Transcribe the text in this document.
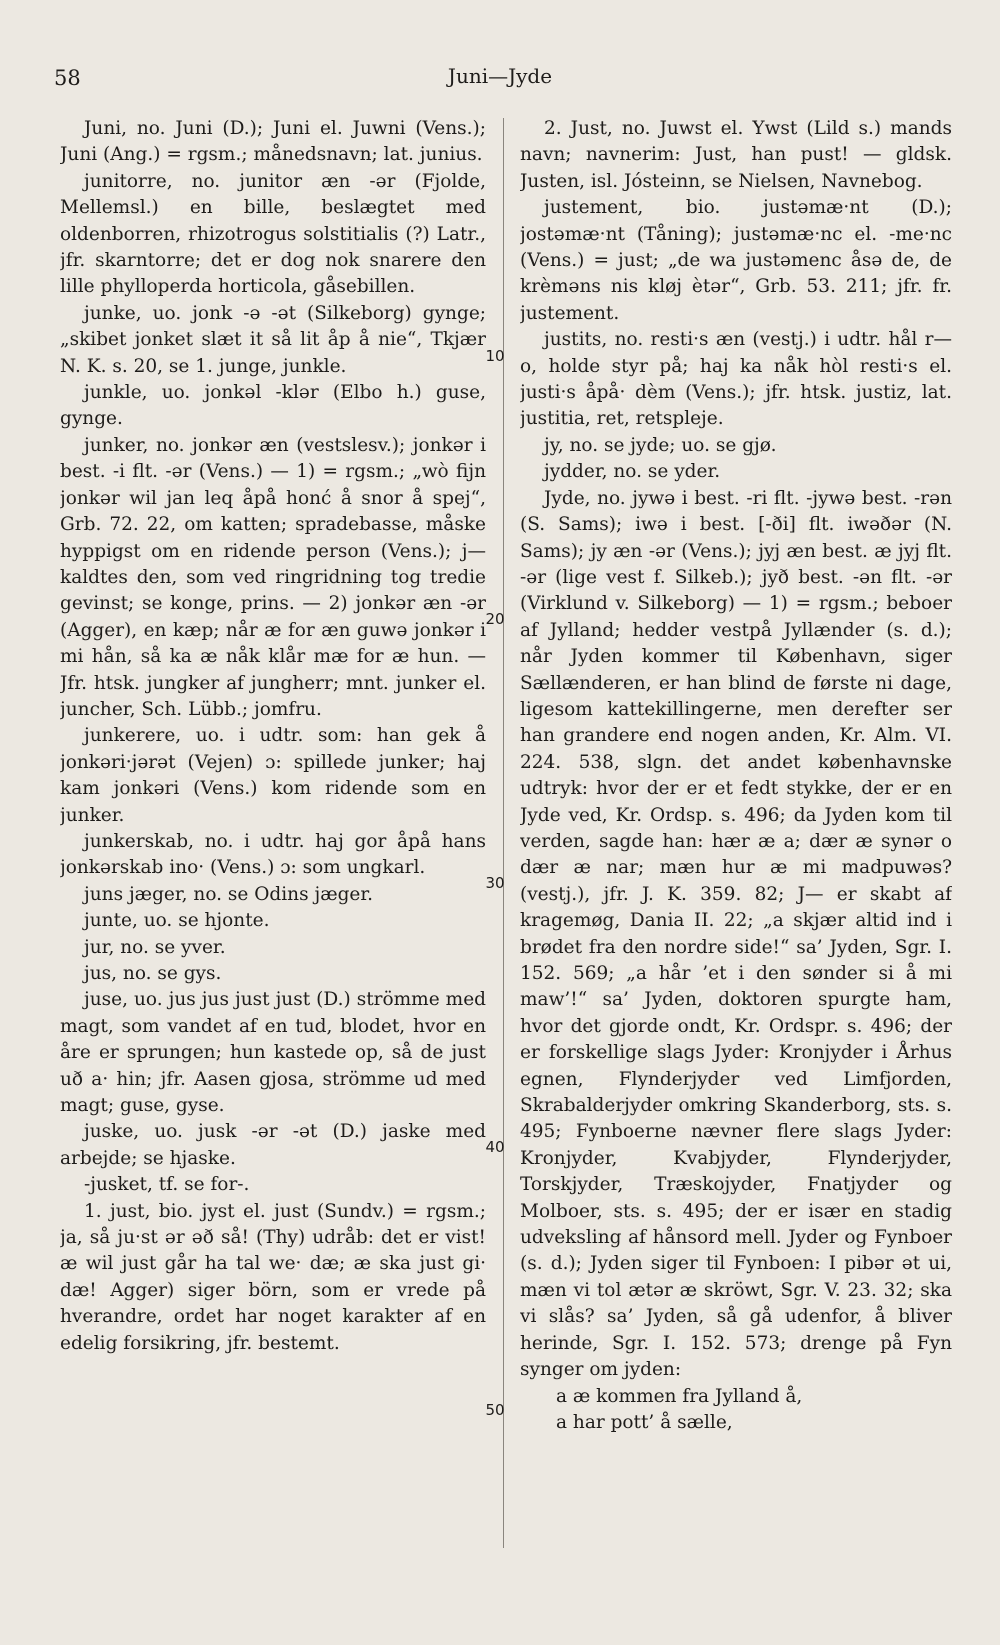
58	Juni—Jyde

Juni, no. Juni (D.); Juni el. Juwni (Vens.); Juni (Ang.) = rgsm.; månedsnavn; lat. junius.

junitorre, no. junitor æn -ər (Fjolde, Mellemsl.) en bille, beslægtet med oldenborren, rhizotrogus solstitialis (?) Latr., jfr. skarntorre; det er dog nok snarere den lille phylloperda horticola, gåsebillen.

junke, uo. jonk -ə -ət (Silkeborg) gynge; „skibet jonket slæt it så lit åp å nie“, Tkjær N. K. s. 20, se 1. junge, junkle.

junkle, uo. jonkəl -klər (Elbo h.) guse, gynge.

junker, no. jonkər æn (vestslesv.); jonkər i best. -i flt. -ər (Vens.) — 1) = rgsm.; „wò fijn jonkər wil jan leq åpå honć å snor å spej“, Grb. 72. 22, om katten; spradebasse, måske hyppigst om en ridende person (Vens.); j— kaldtes den, som ved ringridning tog tredie gevinst; se konge, prins. — 2) jonkər æn -ər (Agger), en kæp; når æ for æn guwə jonkər i mi hån, så ka æ nåk klår mæ for æ hun. — Jfr. htsk. jungker af jungherr; mnt. junker el. juncher, Sch. Lübb.; jomfru.

junkerere, uo. i udtr. som: han gek å jonkəri·jərət (Vejen) ɔ: spillede junker; haj kam jonkəri (Vens.) kom ridende som en junker.

junkerskab, no. i udtr. haj gor åpå hans jonkərskab ino· (Vens.) ɔ: som ungkarl.

juns jæger, no. se Odins jæger.

junte, uo. se hjonte.

jur, no. se yver.

jus, no. se gys.

juse, uo. jus jus just just (D.) strömme med magt, som vandet af en tud, blodet, hvor en åre er sprungen; hun kastede op, så de just uð a· hin; jfr. Aasen gjosa, strömme ud med magt; guse, gyse.

juske, uo. jusk -ər -ət (D.) jaske med arbejde; se hjaske.

-jusket, tf. se for-.

1. just, bio. jyst el. just (Sundv.) = rgsm.; ja, så ju·st ər əð så! (Thy) udråb: det er vist! æ wil just går ha tal we· dæ; æ ska just gi· dæ! Agger) siger börn, som er vrede på hverandre, ordet har noget karakter af en edelig forsikring, jfr. bestemt.

2. Just, no. Juwst el. Ywst (Lild s.) mands navn; navnerim: Just, han pust! — gldsk. Justen, isl. Jósteinn, se Nielsen, Navnebog.

justement, bio. justəmæ·nt (D.); jostəmæ·nt (Tåning); justəmæ·nc el. -me·nc (Vens.) = just; „de wa justəmenc åsə de, de krèməns nis kløj ètər“, Grb. 53. 211; jfr. fr. justement.

justits, no. resti·s æn (vestj.) i udtr. hål r— o, holde styr på; haj ka nåk hòl resti·s el. justi·s åpå· dèm (Vens.); jfr. htsk. justiz, lat. justitia, ret, retspleje.

jy, no. se jyde; uo. se gjø.

jydder, no. se yder.

Jyde, no. jywə i best. -ri flt. -jywə best. -rən (S. Sams); iwə i best. [-ði] flt. iwəðər (N. Sams); jy æn -ər (Vens.); jyj æn best. æ jyj flt. -ər (lige vest f. Silkeb.); jyð best. -ən flt. -ər (Virklund v. Silkeborg) — 1) = rgsm.; beboer af Jylland; hedder vestpå Jyllænder (s. d.); når Jyden kommer til København, siger Sællænderen, er han blind de første ni dage, ligesom kattekillingerne, men derefter ser han grandere end nogen anden, Kr. Alm. VI. 224. 538, slgn. det andet københavnske udtryk: hvor der er et fedt stykke, der er en Jyde ved, Kr. Ordsp. s. 496; da Jyden kom til verden, sagde han: hær æ a; dær æ synər o dær æ nar; mæn hur æ mi madpuwəs? (vestj.), jfr. J. K. 359. 82; J— er skabt af kragemøg, Dania II. 22; „a skjær altid ind i brødet fra den nordre side!“ sa’ Jyden, Sgr. I. 152. 569; „a hår ’et i den sønder si å mi maw’!“ sa’ Jyden, doktoren spurgte ham, hvor det gjorde ondt, Kr. Ordspr. s. 496; der er forskellige slags Jyder: Kronjyder i Århus egnen, Flynderjyder ved Limfjorden, Skrabalderjyder omkring Skanderborg, sts. s. 495; Fynboerne nævner flere slags Jyder: Kronjyder, Kvabjyder, Flynderjyder, Torskjyder, Træskojyder, Fnatjyder og Molboer, sts. s. 495; der er især en stadig udveksling af hånsord mell. Jyder og Fynboer (s. d.); Jyden siger til Fynboen: I pibər ət ui, mæn vi tol ætər æ skröwt, Sgr. V. 23. 32; ska vi slås? sa’ Jyden, så gå udenfor, å bliver herinde, Sgr. I. 152. 573; drenge på Fyn synger om jyden:

a æ kommen fra Jylland å,

a har pott’ å sælle,

10
20
30
40
50
